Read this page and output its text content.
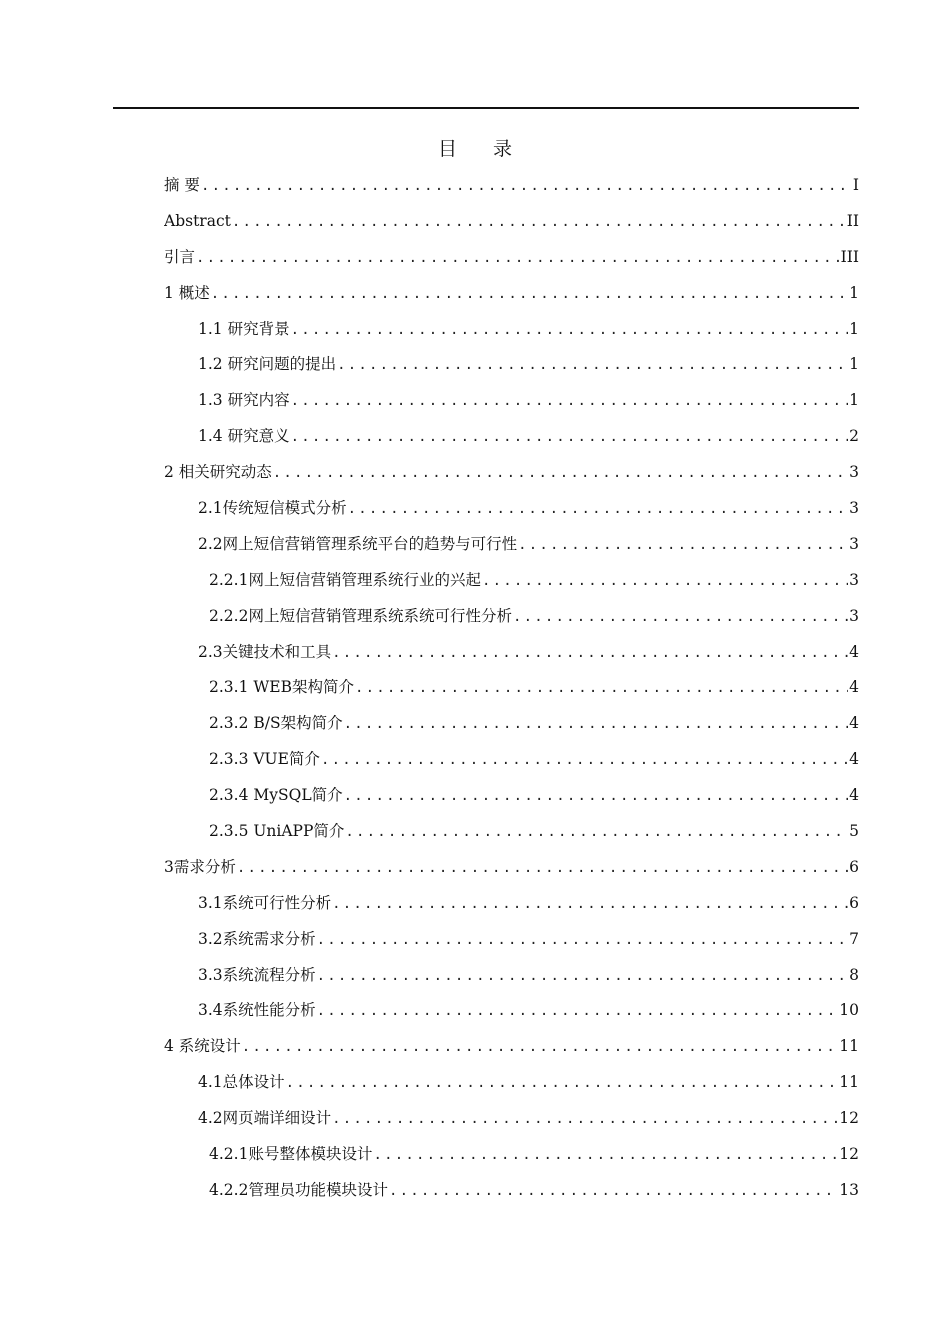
目 录
摘 要 .....	I
Abstract .....	II
引言 .....	III
1 概述 .....	1
1.1 研究背景 .....	1
1.2 研究问题的提出 .....	1
1.3 研究内容 .....	1
1.4 研究意义 .....	2
2 相关研究动态 .....	3
2.1传统短信模式分析 .....	3
2.2网上短信营销管理系统平台的趋势与可行性 .....	3
2.2.1网上短信营销管理系统行业的兴起 .....	3
2.2.2网上短信营销管理系统系统可行性分析 .....	3
2.3关键技术和工具 .....	4
2.3.1 WEB架构简介 .....	4
2.3.2 B/S架构简介 .....	4
2.3.3 VUE简介 .....	4
2.3.4 MySQL简介 .....	4
2.3.5 UniAPP简介 .....	5
3需求分析 .....	6
3.1系统可行性分析 .....	6
3.2系统需求分析 .....	7
3.3系统流程分析 .....	8
3.4系统性能分析 .....	10
4 系统设计 .....	11
4.1总体设计 .....	11
4.2网页端详细设计 .....	12
4.2.1账号整体模块设计 .....	12
4.2.2管理员功能模块设计 .....	13
